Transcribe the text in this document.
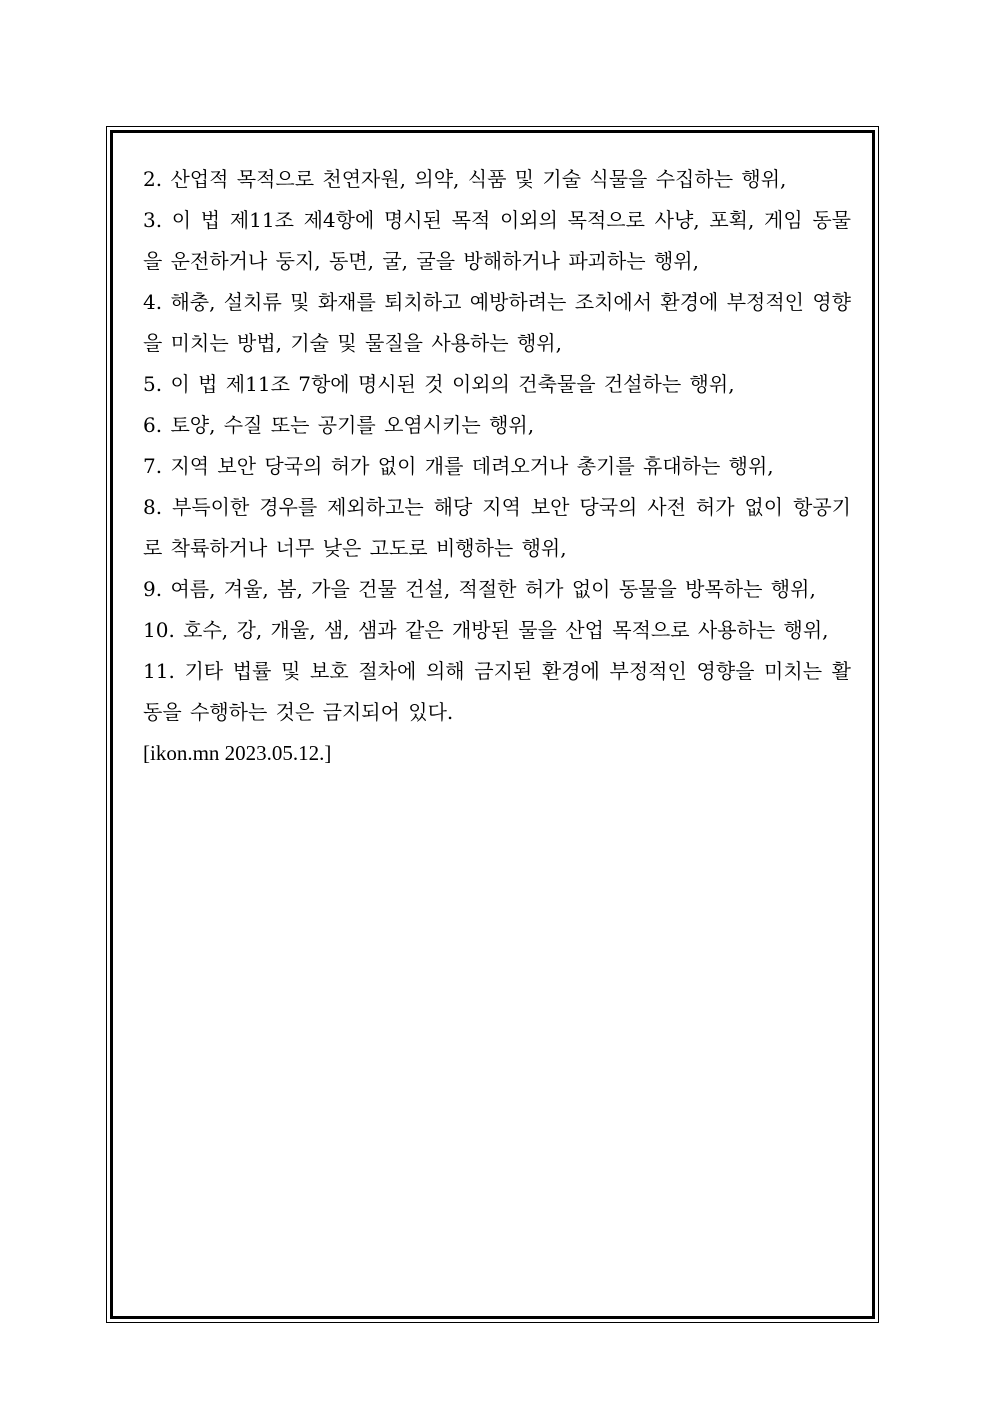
2. 산업적 목적으로 천연자원, 의약, 식품 및 기술 식물을 수집하는 행위,

3. 이 법 제11조 제4항에 명시된 목적 이외의 목적으로 사냥, 포획, 게임 동물을 운전하거나 둥지, 동면, 굴, 굴을 방해하거나 파괴하는 행위,

4. 해충, 설치류 및 화재를 퇴치하고 예방하려는 조치에서 환경에 부정적인 영향을 미치는 방법, 기술 및 물질을 사용하는 행위,

5. 이 법 제11조 7항에 명시된 것 이외의 건축물을 건설하는 행위,

6. 토양, 수질 또는 공기를 오염시키는 행위,

7. 지역 보안 당국의 허가 없이 개를 데려오거나 총기를 휴대하는 행위,

8. 부득이한 경우를 제외하고는 해당 지역 보안 당국의 사전 허가 없이 항공기로 착륙하거나 너무 낮은 고도로 비행하는 행위,

9. 여름, 겨울, 봄, 가을 건물 건설, 적절한 허가 없이 동물을 방목하는 행위,

10. 호수, 강, 개울, 샘, 샘과 같은 개방된 물을 산업 목적으로 사용하는 행위,

11. 기타 법률 및 보호 절차에 의해 금지된 환경에 부정적인 영향을 미치는 활동을 수행하는 것은 금지되어 있다.

[ikon.mn 2023.05.12.]
